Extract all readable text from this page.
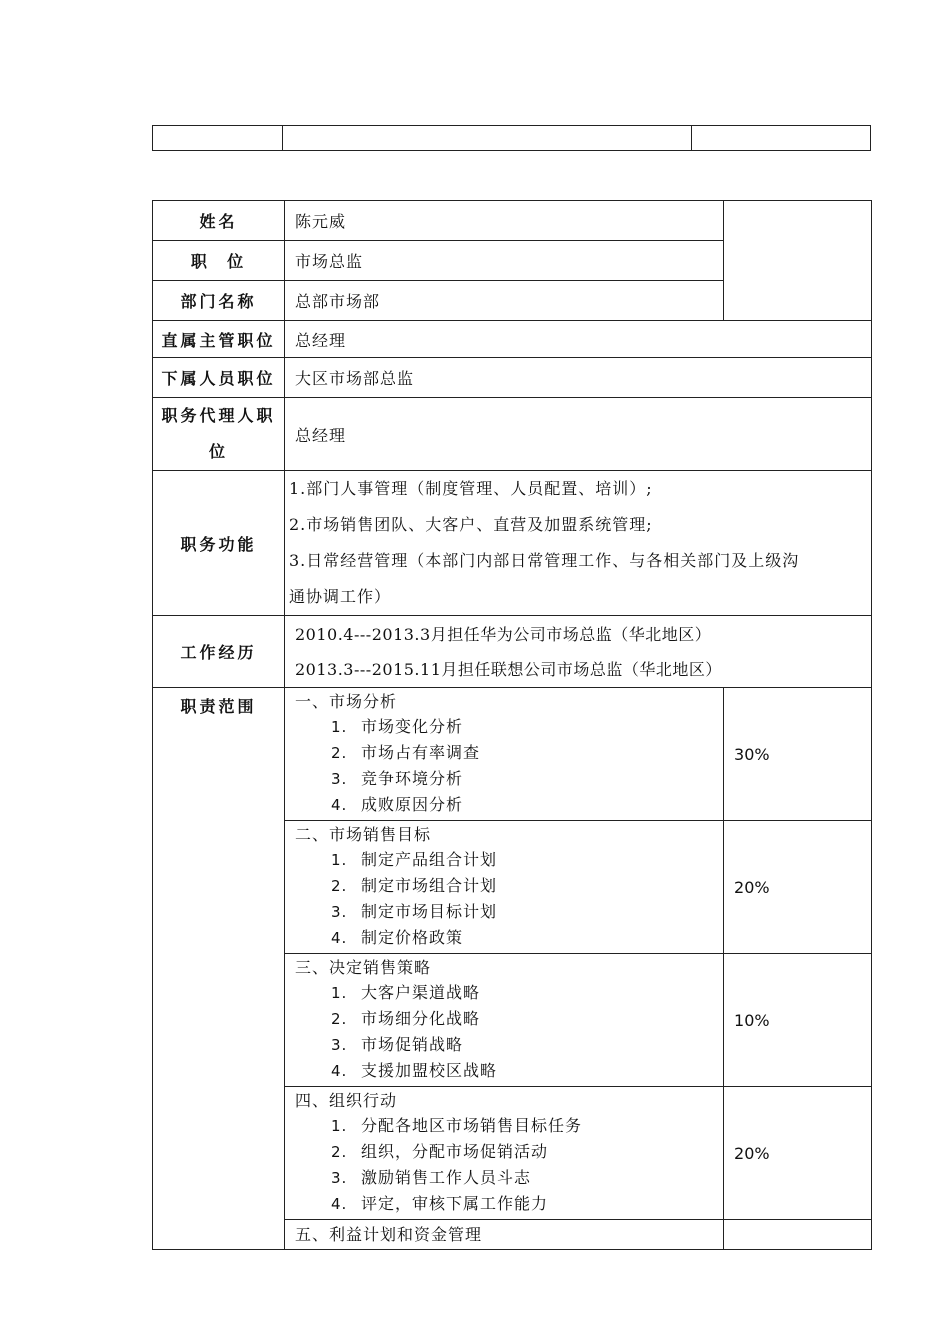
姓名	陈元威	
职  位	市场总监	
部门名称	总部市场部	
直属主管职位	总经理	
下属人员职位	大区市场部总监	

职务代理人职
位	总经理	
职务功能	1.部门人事管理（制度管理、人员配置、培训）;
2.市场销售团队、大客户、直营及加盟系统管理;
3.日常经营管理（本部门内部日常管理工作、与各相关部门及上级沟
通协调工作）	

工作经历	2010.4---2013.3月担任华为公司市场总监（华北地区）
2013.3---2015.11月担任联想公司市场总监（华北地区）	

职责范围	一、市场分析
1. 市场变化分析
2. 市场占有率调查
3. 竞争环境分析
4. 成败原因分析	30%

	二、市场销售目标
1. 制定产品组合计划
2. 制定市场组合计划
3. 制定市场目标计划
4. 制定价格政策	20%

	三、决定销售策略
1. 大客户渠道战略
2. 市场细分化战略
3. 市场促销战略
4. 支援加盟校区战略	10%

	四、组织行动
1. 分配各地区市场销售目标任务
2. 组织，分配市场促销活动
3. 激励销售工作人员斗志
4. 评定，审核下属工作能力	20%

	五、利益计划和资金管理	
